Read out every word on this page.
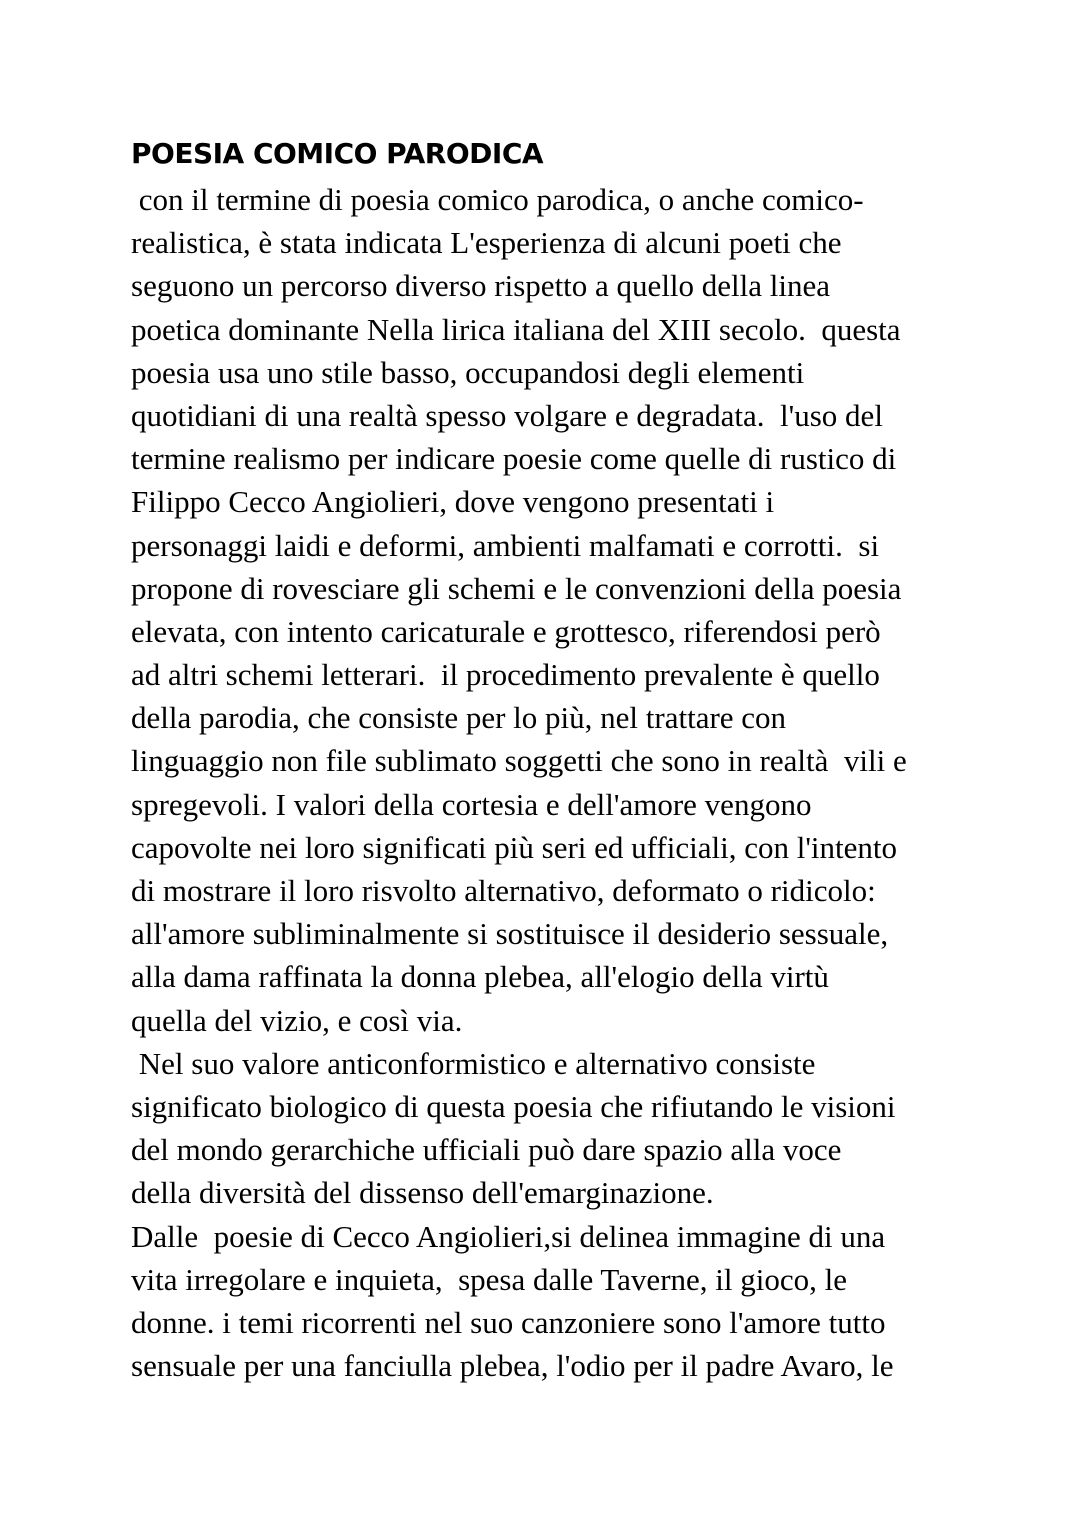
POESIA COMICO PARODICA
con il termine di poesia comico parodica, o anche comico-
realistica, è stata indicata L'esperienza di alcuni poeti che
seguono un percorso diverso rispetto a quello della linea
poetica dominante Nella lirica italiana del XIII secolo.  questa
poesia usa uno stile basso, occupandosi degli elementi
quotidiani di una realtà spesso volgare e degradata.  l'uso del
termine realismo per indicare poesie come quelle di rustico di
Filippo Cecco Angiolieri, dove vengono presentati i
personaggi laidi e deformi, ambienti malfamati e corrotti.  si
propone di rovesciare gli schemi e le convenzioni della poesia
elevata, con intento caricaturale e grottesco, riferendosi però
ad altri schemi letterari.  il procedimento prevalente è quello
della parodia, che consiste per lo più, nel trattare con
linguaggio non file sublimato soggetti che sono in realtà  vili e
spregevoli. I valori della cortesia e dell'amore vengono
capovolte nei loro significati più seri ed ufficiali, con l'intento
di mostrare il loro risvolto alternativo, deformato o ridicolo:
all'amore subliminalmente si sostituisce il desiderio sessuale,
alla dama raffinata la donna plebea, all'elogio della virtù
quella del vizio, e così via.
Nel suo valore anticonformistico e alternativo consiste
significato biologico di questa poesia che rifiutando le visioni
del mondo gerarchiche ufficiali può dare spazio alla voce
della diversità del dissenso dell'emarginazione.
Dalle  poesie di Cecco Angiolieri,si delinea immagine di una
vita irregolare e inquieta,  spesa dalle Taverne, il gioco, le
donne. i temi ricorrenti nel suo canzoniere sono l'amore tutto
sensuale per una fanciulla plebea, l'odio per il padre Avaro, le
